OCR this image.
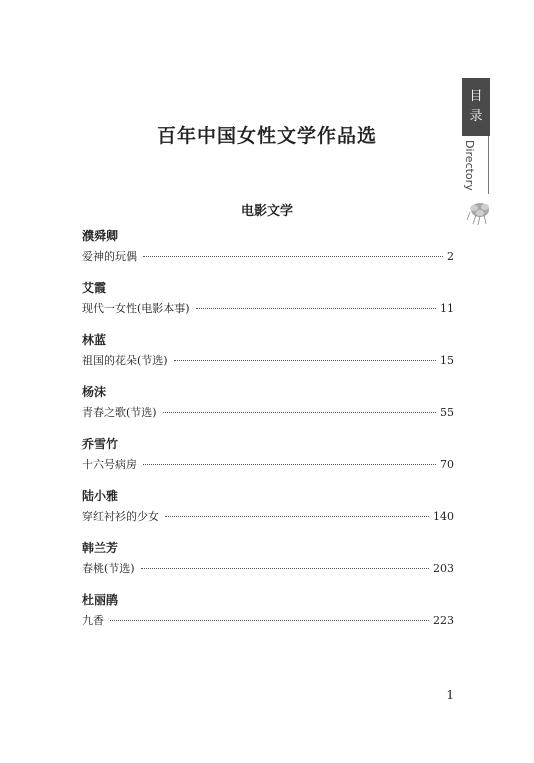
目
录
Directory
百年中国女性文学作品选
电影文学
濮舜卿
爱神的玩偶	2
艾霞
现代一女性(电影本事)	11
林蓝
祖国的花朵(节选)	15
杨沫
青春之歌(节选)	55
乔雪竹
十六号病房	70
陆小雅
穿红衬衫的少女	140
韩兰芳
春桃(节选)	203
杜丽鹃
九香	223
1
